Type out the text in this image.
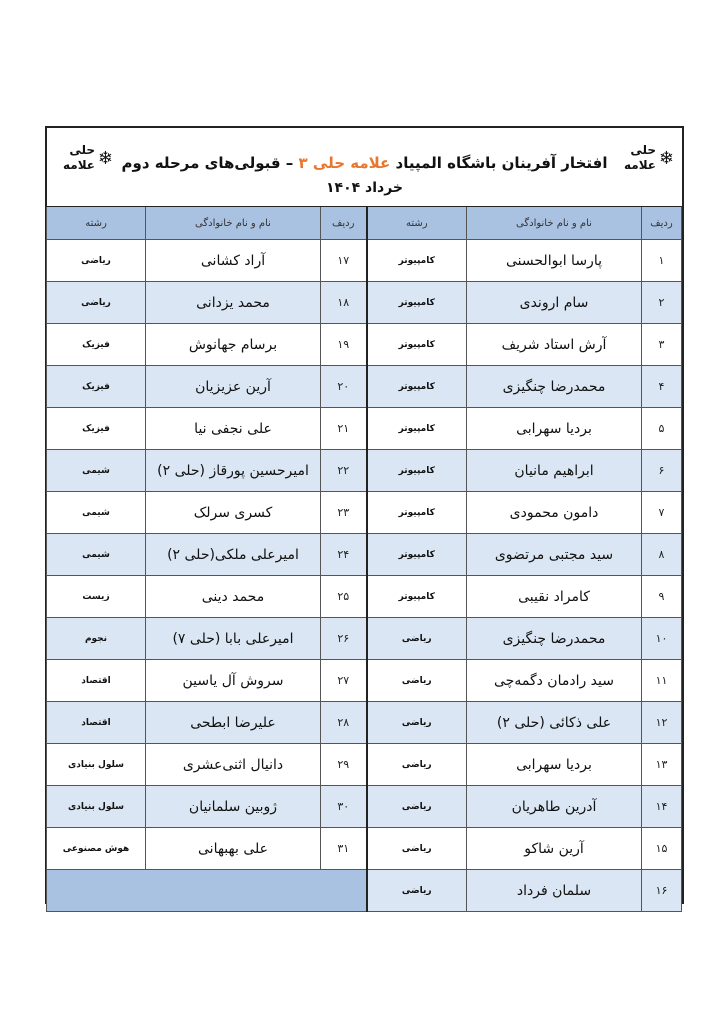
حلی
علامه ❄
افتخار آفرینان باشگاه المپیاد علامه حلی ۳ – قبولی‌های مرحله دوم
خرداد ۱۴۰۴
حلی
علامه ❄
ردیف	نام و نام خانوادگی	رشته	ردیف	نام و نام خانوادگی	رشته
۱	پارسا ابوالحسنی	کامپیوتر	۱۷	آراد کشانی	ریاضی
۲	سام اروندی	کامپیوتر	۱۸	محمد یزدانی	ریاضی
۳	آرش استاد شریف	کامپیوتر	۱۹	برسام جهانوش	فیزیک
۴	محمدرضا چنگیزی	کامپیوتر	۲۰	آرین عزیزیان	فیزیک
۵	بردیا سهرابی	کامپیوتر	۲۱	علی نجفی نیا	فیزیک
۶	ابراهیم مانیان	کامپیوتر	۲۲	امیرحسین پورقاز (حلی ۲)	شیمی
۷	دامون محمودی	کامپیوتر	۲۳	کسری سرلک	شیمی
۸	سید مجتبی مرتضوی	کامپیوتر	۲۴	امیرعلی ملکی(حلی ۲)	شیمی
۹	کامراد نقیبی	کامپیوتر	۲۵	محمد دینی	زیست
۱۰	محمدرضا چنگیزی	ریاضی	۲۶	امیرعلی بابا (حلی ۷)	نجوم
۱۱	سید رادمان دگمه‌چی	ریاضی	۲۷	سروش آل یاسین	اقتصاد
۱۲	علی ذکائی (حلی ۲)	ریاضی	۲۸	علیرضا ابطحی	اقتصاد
۱۳	بردیا سهرابی	ریاضی	۲۹	دانیال اثنی‌عشری	سلول بنیادی
۱۴	آدرین طاهریان	ریاضی	۳۰	ژوبین سلمانیان	سلول بنیادی
۱۵	آرین شاکو	ریاضی	۳۱	علی بهبهانی	هوش مصنوعی
۱۶	سلمان فرداد	ریاضی			
